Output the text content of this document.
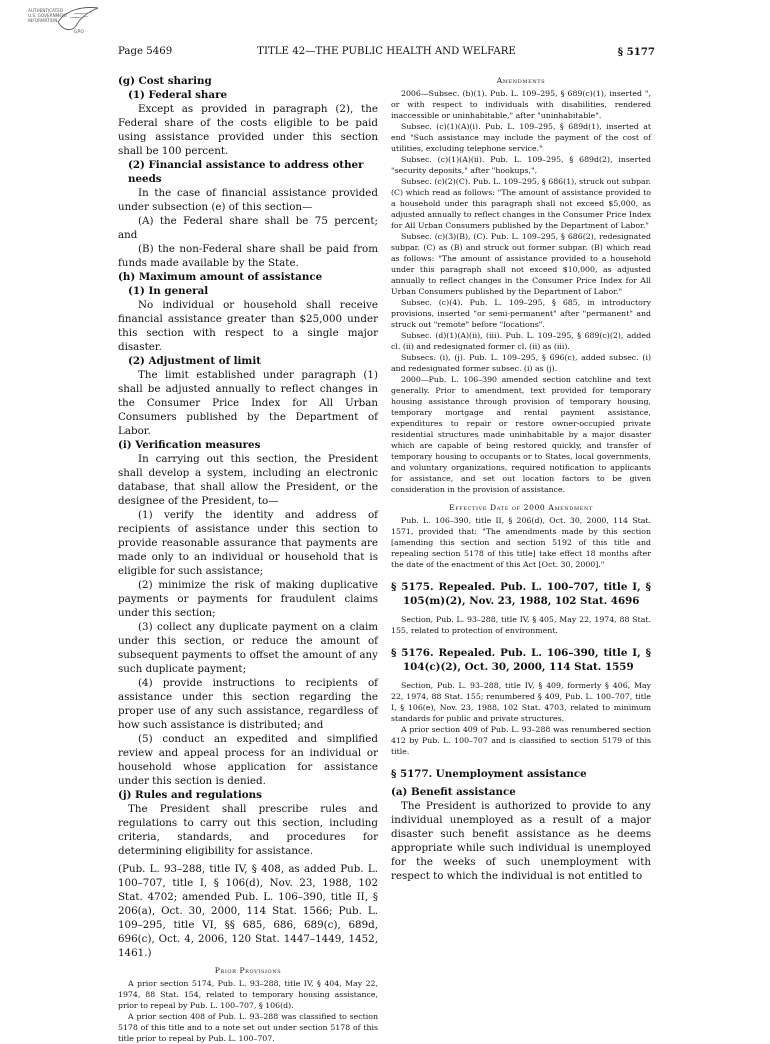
AUTHENTICATED
U.S. GOVERNMENT
INFORMATION
GPO
Page 5469	TITLE 42—THE PUBLIC HEALTH AND WELFARE	§ 5177

(g) Cost sharing

(1) Federal share

Except as provided in paragraph (2), the Federal share of the costs eligible to be paid using assistance provided under this section shall be 100 percent.

(2) Financial assistance to address other needs

In the case of financial assistance provided under subsection (e) of this section—

(A) the Federal share shall be 75 percent; and

(B) the non-Federal share shall be paid from funds made available by the State.

(h) Maximum amount of assistance

(1) In general

No individual or household shall receive financial assistance greater than $25,000 under this section with respect to a single major disaster.

(2) Adjustment of limit

The limit established under paragraph (1) shall be adjusted annually to reflect changes in the Consumer Price Index for All Urban Consumers published by the Department of Labor.

(i) Verification measures

In carrying out this section, the President shall develop a system, including an electronic database, that shall allow the President, or the designee of the President, to—

(1) verify the identity and address of recipients of assistance under this section to provide reasonable assurance that payments are made only to an individual or household that is eligible for such assistance;

(2) minimize the risk of making duplicative payments or payments for fraudulent claims under this section;

(3) collect any duplicate payment on a claim under this section, or reduce the amount of subsequent payments to offset the amount of any such duplicate payment;

(4) provide instructions to recipients of assistance under this section regarding the proper use of any such assistance, regardless of how such assistance is distributed; and

(5) conduct an expedited and simplified review and appeal process for an individual or household whose application for assistance under this section is denied.

(j) Rules and regulations

The President shall prescribe rules and regulations to carry out this section, including criteria, standards, and procedures for determining eligibility for assistance.

(Pub. L. 93–288, title IV, § 408, as added Pub. L. 100–707, title I, § 106(d), Nov. 23, 1988, 102 Stat. 4702; amended Pub. L. 106–390, title II, § 206(a), Oct. 30, 2000, 114 Stat. 1566; Pub. L. 109–295, title VI, §§ 685, 686, 689(c), 689d, 696(c), Oct. 4, 2006, 120 Stat. 1447–1449, 1452, 1461.)

Prior Provisions

A prior section 5174, Pub. L. 93–288, title IV, § 404, May 22, 1974, 88 Stat. 154, related to temporary housing assistance, prior to repeal by Pub. L. 100–707, § 106(d).

A prior section 408 of Pub. L. 93–288 was classified to section 5178 of this title and to a note set out under section 5178 of this title prior to repeal by Pub. L. 100–707.

Amendments

2006—Subsec. (b)(1). Pub. L. 109–295, § 689(c)(1), inserted ", or with respect to individuals with disabilities, rendered inaccessible or uninhabitable," after "uninhabitable".

Subsec. (c)(1)(A)(i). Pub. L. 109–295, § 689d(1), inserted at end "Such assistance may include the payment of the cost of utilities, excluding telephone service."

Subsec. (c)(1)(A)(ii). Pub. L. 109–295, § 689d(2), inserted "security deposits," after "hookups,".

Subsec. (c)(2)(C). Pub. L. 109–295, § 686(1), struck out subpar. (C) which read as follows: "The amount of assistance provided to a household under this paragraph shall not exceed $5,000, as adjusted annually to reflect changes in the Consumer Price Index for All Urban Consumers published by the Department of Labor."

Subsec. (c)(3)(B), (C). Pub. L. 109–295, § 686(2), redesignated subpar. (C) as (B) and struck out former subpar. (B) which read as follows: "The amount of assistance provided to a household under this paragraph shall not exceed $10,000, as adjusted annually to reflect changes in the Consumer Price Index for All Urban Consumers published by the Department of Labor."

Subsec. (c)(4). Pub. L. 109–295, § 685, in introductory provisions, inserted "or semi-permanent" after "permanent" and struck out "remote" before "locations".

Subsec. (d)(1)(A)(ii), (iii). Pub. L. 109–295, § 689(c)(2), added cl. (ii) and redesignated former cl. (ii) as (iii).

Subsecs. (i), (j). Pub. L. 109–295, § 696(c), added subsec. (i) and redesignated former subsec. (i) as (j).

2000—Pub. L. 106–390 amended section catchline and text generally. Prior to amendment, text provided for temporary housing assistance through provision of temporary housing, temporary mortgage and rental payment assistance, expenditures to repair or restore owner-occupied private residential structures made uninhabitable by a major disaster which are capable of being restored quickly, and transfer of temporary housing to occupants or to States, local governments, and voluntary organizations, required notification to applicants for assistance, and set out location factors to be given consideration in the provision of assistance.

Effective Date of 2000 Amendment

Pub. L. 106–390, title II, § 206(d), Oct. 30, 2000, 114 Stat. 1571, provided that: "The amendments made by this section [amending this section and section 5192 of this title and repealing section 5178 of this title] take effect 18 months after the date of the enactment of this Act [Oct. 30, 2000]."

§ 5175. Repealed. Pub. L. 100–707, title I, § 105(m)(2), Nov. 23, 1988, 102 Stat. 4696

Section, Pub. L. 93–288, title IV, § 405, May 22, 1974, 88 Stat. 155, related to protection of environment.

§ 5176. Repealed. Pub. L. 106–390, title I, § 104(c)(2), Oct. 30, 2000, 114 Stat. 1559

Section, Pub. L. 93–288, title IV, § 409, formerly § 406, May 22, 1974, 88 Stat. 155; renumbered § 409, Pub. L. 100–707, title I, § 106(e), Nov. 23, 1988, 102 Stat. 4703, related to minimum standards for public and private structures.

A prior section 409 of Pub. L. 93–288 was renumbered section 412 by Pub. L. 100–707 and is classified to section 5179 of this title.

§ 5177. Unemployment assistance

(a) Benefit assistance

The President is authorized to provide to any individual unemployed as a result of a major disaster such benefit assistance as he deems appropriate while such individual is unemployed for the weeks of such unemployment with respect to which the individual is not entitled to
